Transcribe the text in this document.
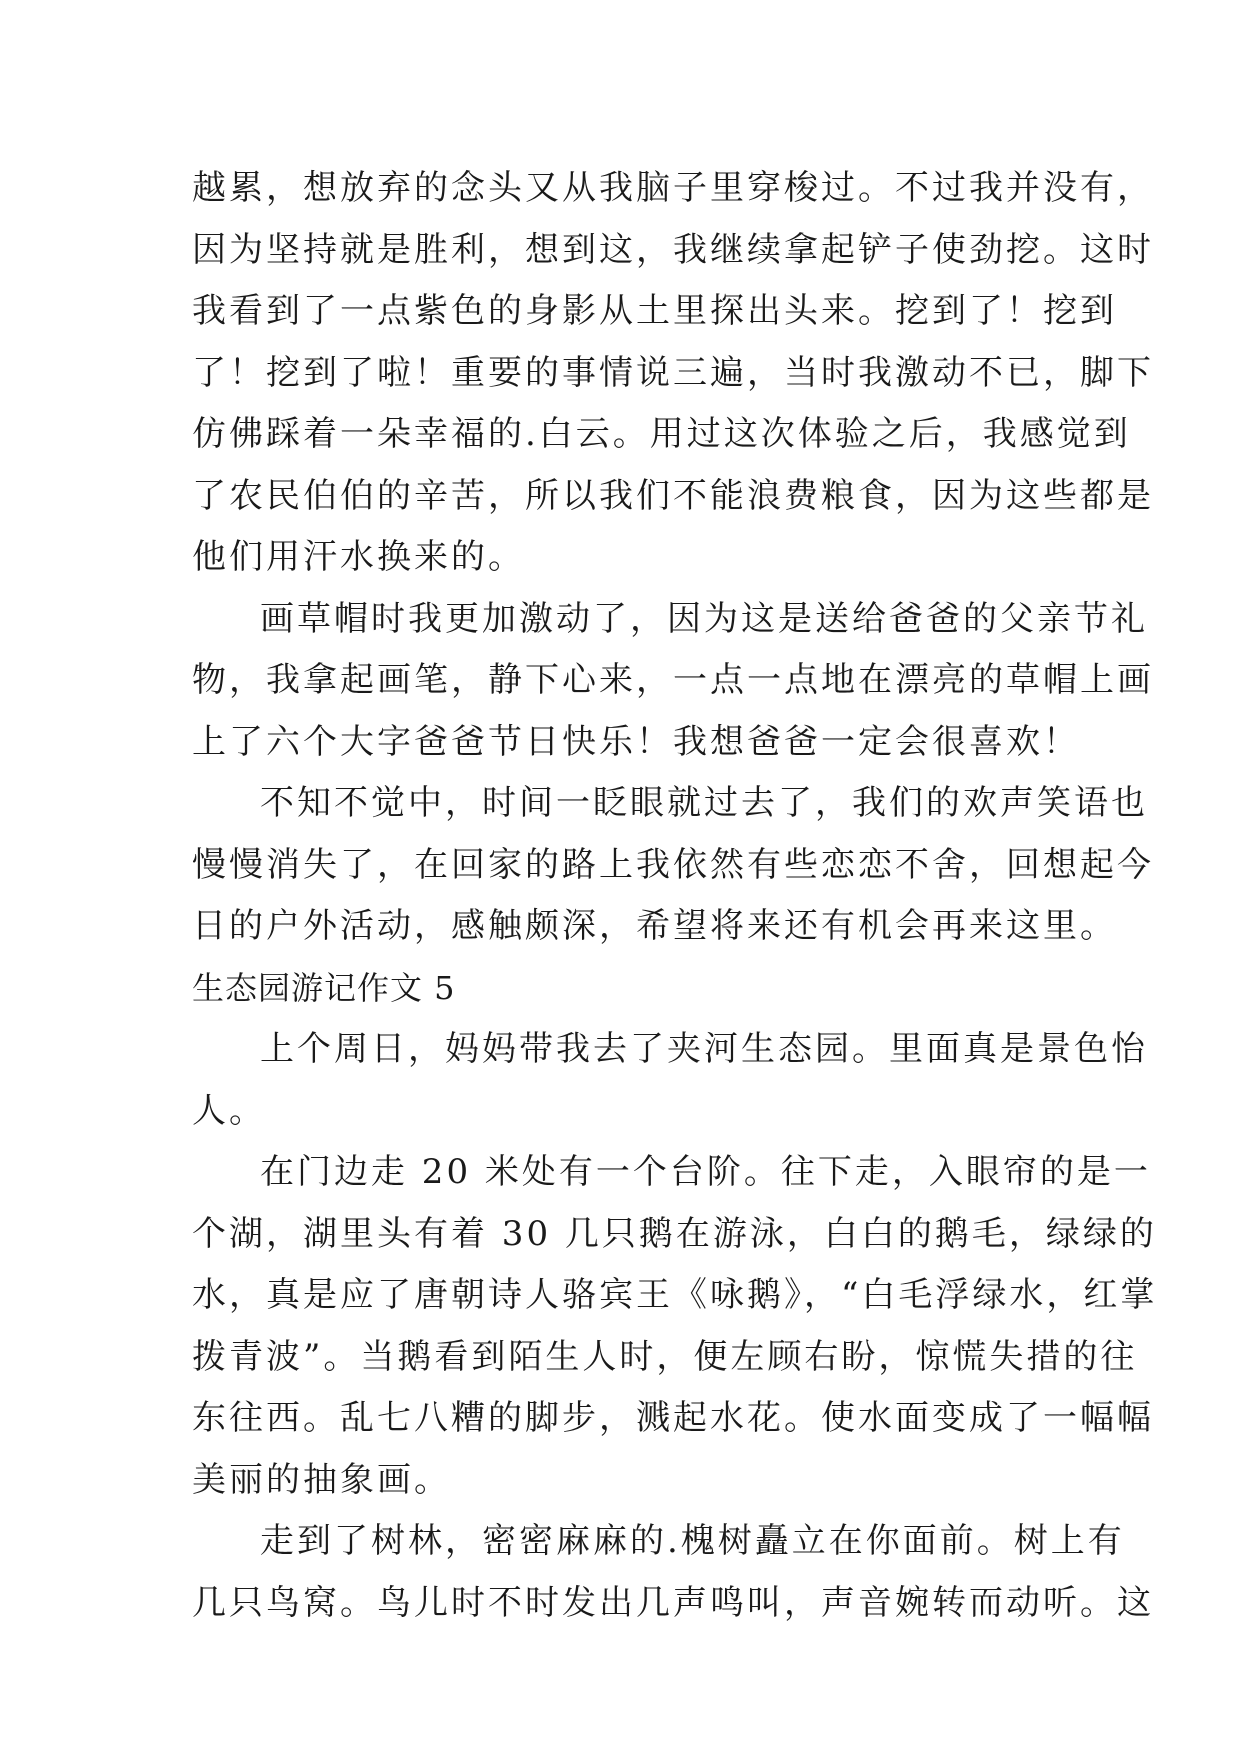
越累，想放弃的念头又从我脑子里穿梭过。不过我并没有，
因为坚持就是胜利，想到这，我继续拿起铲子使劲挖。这时
我看到了一点紫色的身影从土里探出头来。挖到了！挖到
了！挖到了啦！重要的事情说三遍，当时我激动不已，脚下
仿佛踩着一朵幸福的.白云。用过这次体验之后，我感觉到
了农民伯伯的辛苦，所以我们不能浪费粮食，因为这些都是
他们用汗水换来的。
画草帽时我更加激动了，因为这是送给爸爸的父亲节礼
物，我拿起画笔，静下心来，一点一点地在漂亮的草帽上画
上了六个大字爸爸节日快乐！我想爸爸一定会很喜欢！
不知不觉中，时间一眨眼就过去了，我们的欢声笑语也
慢慢消失了，在回家的路上我依然有些恋恋不舍，回想起今
日的户外活动，感触颇深，希望将来还有机会再来这里。
生态园游记作文 5
上个周日，妈妈带我去了夹河生态园。里面真是景色怡
人。
在门边走 20 米处有一个台阶。往下走，入眼帘的是一
个湖，湖里头有着 30 几只鹅在游泳，白白的鹅毛，绿绿的
水，真是应了唐朝诗人骆宾王《咏鹅》，“白毛浮绿水，红掌
拨青波”。当鹅看到陌生人时，便左顾右盼，惊慌失措的往
东往西。乱七八糟的脚步，溅起水花。使水面变成了一幅幅
美丽的抽象画。
走到了树林，密密麻麻的.槐树矗立在你面前。树上有
几只鸟窝。鸟儿时不时发出几声鸣叫，声音婉转而动听。这
